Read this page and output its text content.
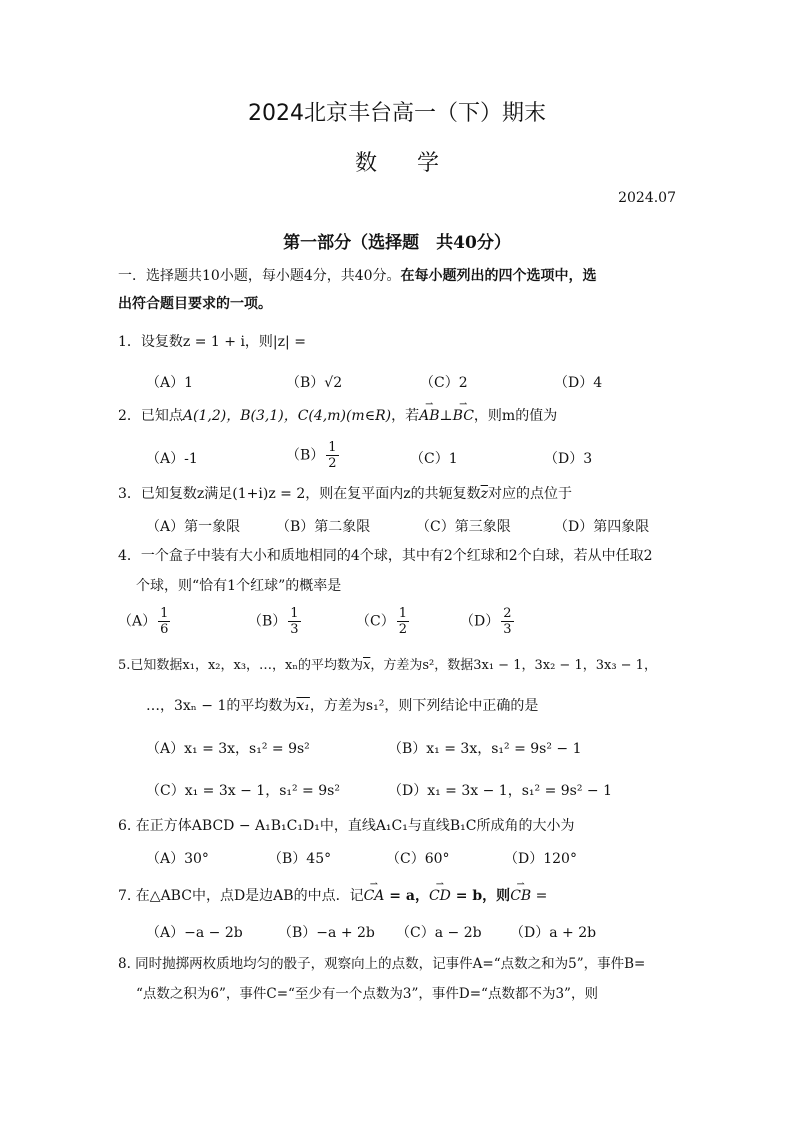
2024北京丰台高一（下）期末
数学
2024.07
第一部分（选择题　共40分）
一．选择题共10小题，每小题4分，共40分。在每小题列出的四个选项中，选
出符合题目要求的一项。
1．设复数z = 1 + i，则|z| =
（A）1	（B）√2	（C）2	（D）4
2．已知点A(1,2)，B(3,1)，C(4,m)(m∈R)，若⇀ AB⊥⇀ BC，则m的值为
（A）-1	$(B) \frac{1}{2}$	（C）1	（D）3
3．已知复数z满足(1+i)z = 2，则在复平面内z的共轭复数$\overline{z}$对应的点位于
（A）第一象限	（B）第二象限	（C）第三象限	（D）第四象限
4．一个盒子中装有大小和质地相同的4个球，其中有2个红球和2个白球，若从中任取2
个球，则“恰有1个红球”的概率是
$(A) \frac{1}{6}$	$(B) \frac{1}{3}$	$(C) \frac{1}{2}$	$(D) \frac{2}{3}$
5.已知数据x₁，x₂，x₃，…，xₙ的平均数为$\overline{x}$，方差为s²，数据3x₁ − 1，3x₂ − 1，3x₃ − 1，
…，3xₙ − 1的平均数为x₁，方差为s₁²，则下列结论中正确的是
（A）x₁ = 3x，s₁² = 9s²	（B）x₁ = 3x，s₁² = 9s² − 1
（C）x₁ = 3x − 1，s₁² = 9s²	（D）x₁ = 3x − 1，s₁² = 9s² − 1
6. 在正方体ABCD − A₁B₁C₁D₁中，直线A₁C₁与直线B₁C所成角的大小为
（A）30°	（B）45°	（C）60°	（D）120°
7. 在△ABC中，点D是边AB的中点．记⇀ CA = a，⇀ CD = b，则⇀ CB =
（A）−a − 2b	（B）−a + 2b （C）a − 2b （D）a + 2b
8. 同时抛掷两枚质地均匀的骰子，观察向上的点数，记事件A=“点数之和为5”，事件B=
“点数之积为6”，事件C=“至少有一个点数为3”，事件D=“点数都不为3”，则
